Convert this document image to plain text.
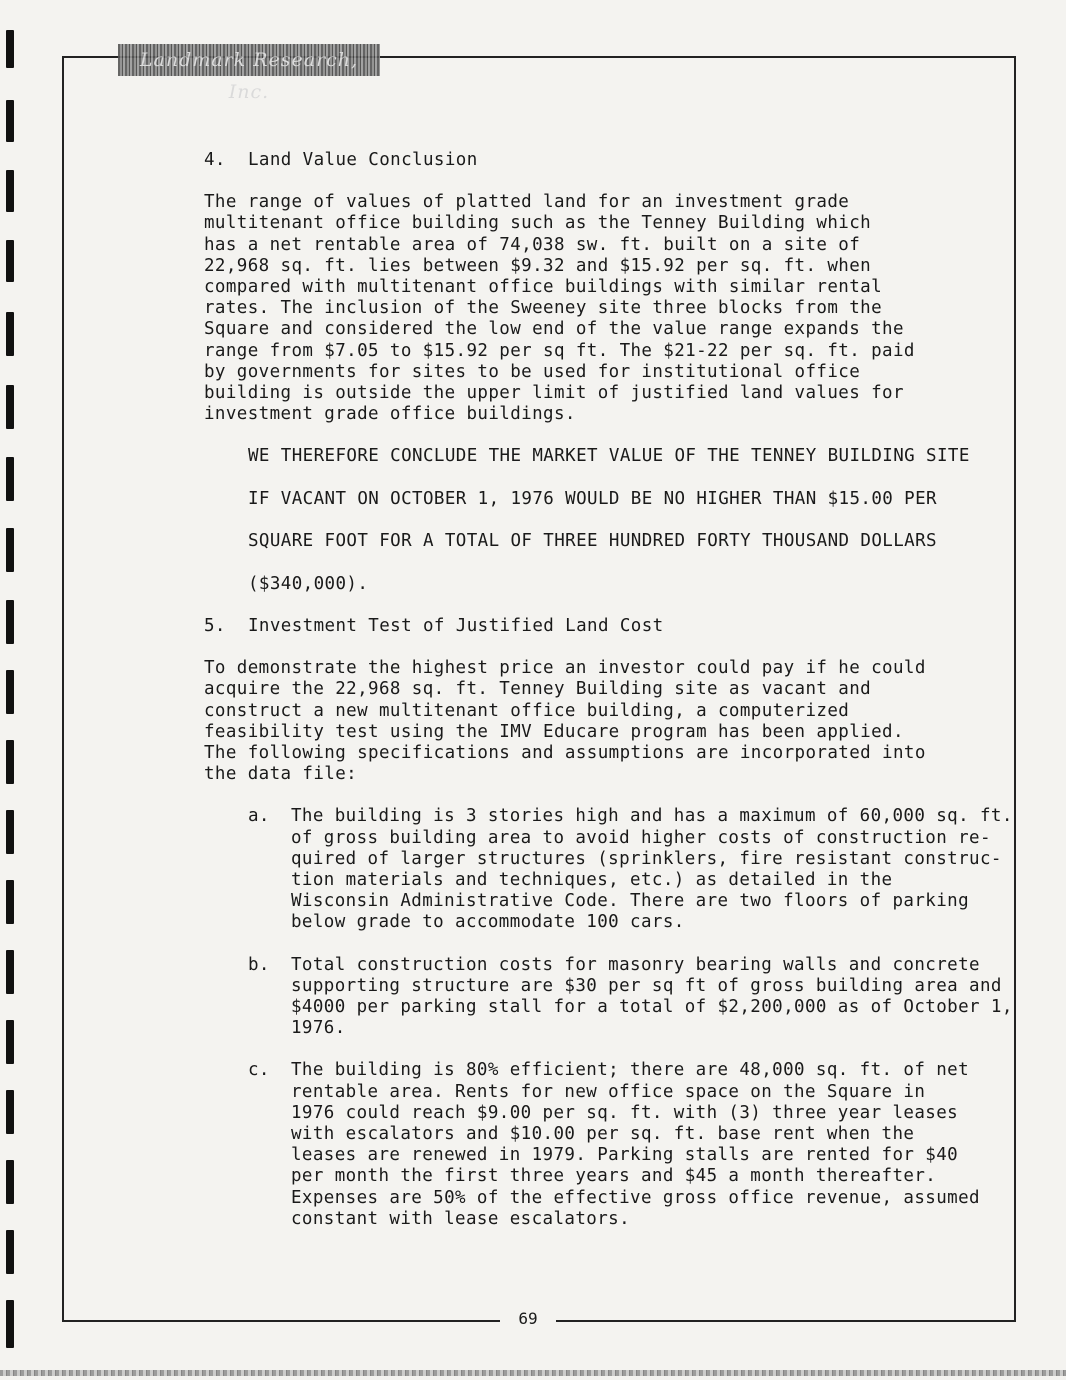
Landmark Research, Inc.
4.	Land Value Conclusion
The range of values of platted land for an investment grade
multitenant office building such as the Tenney Building which
has a net rentable area of 74,038 sw. ft. built on a site of
22,968 sq. ft. lies between $9.32 and $15.92 per sq. ft. when
compared with multitenant office buildings with similar rental
rates. The inclusion of the Sweeney site three blocks from the
Square and considered the low end of the value range expands the
range from $7.05 to $15.92 per sq ft. The $21-22 per sq. ft. paid
by governments for sites to be used for institutional office
building is outside the upper limit of justified land values for
investment grade office buildings.
WE THEREFORE CONCLUDE THE MARKET VALUE OF THE TENNEY BUILDING SITE
IF VACANT ON OCTOBER 1, 1976 WOULD BE NO HIGHER THAN $15.00 PER
SQUARE FOOT FOR A TOTAL OF THREE HUNDRED FORTY THOUSAND DOLLARS
($340,000).
5.	Investment Test of Justified Land Cost
To demonstrate the highest price an investor could pay if he could
acquire the 22,968 sq. ft. Tenney Building site as vacant and
construct a new multitenant office building, a computerized
feasibility test using the IMV Educare program has been applied.
The following specifications and assumptions are incorporated into
the data file:
a.	The building is 3 stories high and has a maximum of 60,000 sq. ft.
of gross building area to avoid higher costs of construction re-
quired of larger structures (sprinklers, fire resistant construc-
tion materials and techniques, etc.) as detailed in the
Wisconsin Administrative Code. There are two floors of parking
below grade to accommodate 100 cars.
b.	Total construction costs for masonry bearing walls and concrete
supporting structure are $30 per sq ft of gross building area and
$4000 per parking stall for a total of $2,200,000 as of October 1,
1976.
c.	The building is 80% efficient; there are 48,000 sq. ft. of net
rentable area. Rents for new office space on the Square in
1976 could reach $9.00 per sq. ft. with (3) three year leases
with escalators and $10.00 per sq. ft. base rent when the
leases are renewed in 1979. Parking stalls are rented for $40
per month the first three years and $45 a month thereafter.
Expenses are 50% of the effective gross office revenue, assumed
constant with lease escalators.
69
